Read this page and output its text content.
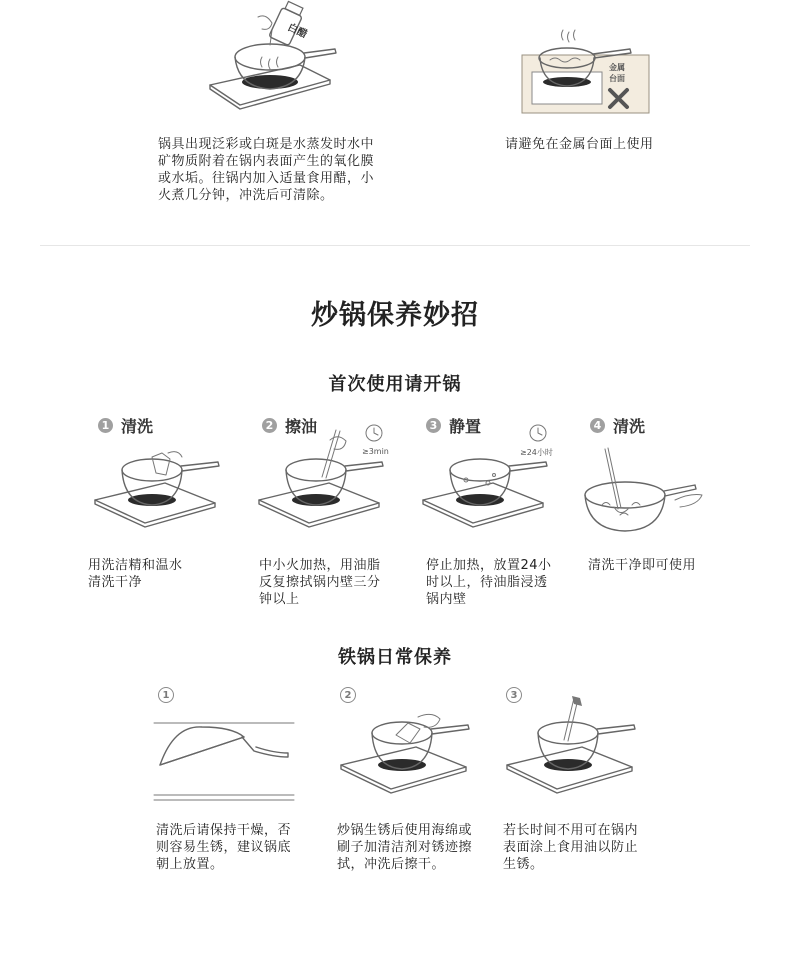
白醋
锅具出现泛彩或白斑是水蒸发时水中
矿物质附着在锅内表面产生的氧化膜
或水垢。往锅内加入适量食用醋，小
火煮几分钟，冲洗后可清除。
金属
台面
请避免在金属台面上使用
炒锅保养妙招
首次使用请开锅
1 清洗	2 擦油	3 静置	4 清洗
≥3min	≥24小时
用洗洁精和温水
清洗干净
中小火加热，用油脂
反复擦拭锅内壁三分
钟以上
停止加热，放置24小
时以上，待油脂浸透
锅内壁
清洗干净即可使用
铁锅日常保养
1	2	3
清洗后请保持干燥，否
则容易生锈，建议锅底
朝上放置。
炒锅生锈后使用海绵或
刷子加清洁剂对锈迹擦
拭，冲洗后擦干。
若长时间不用可在锅内
表面涂上食用油以防止
生锈。
